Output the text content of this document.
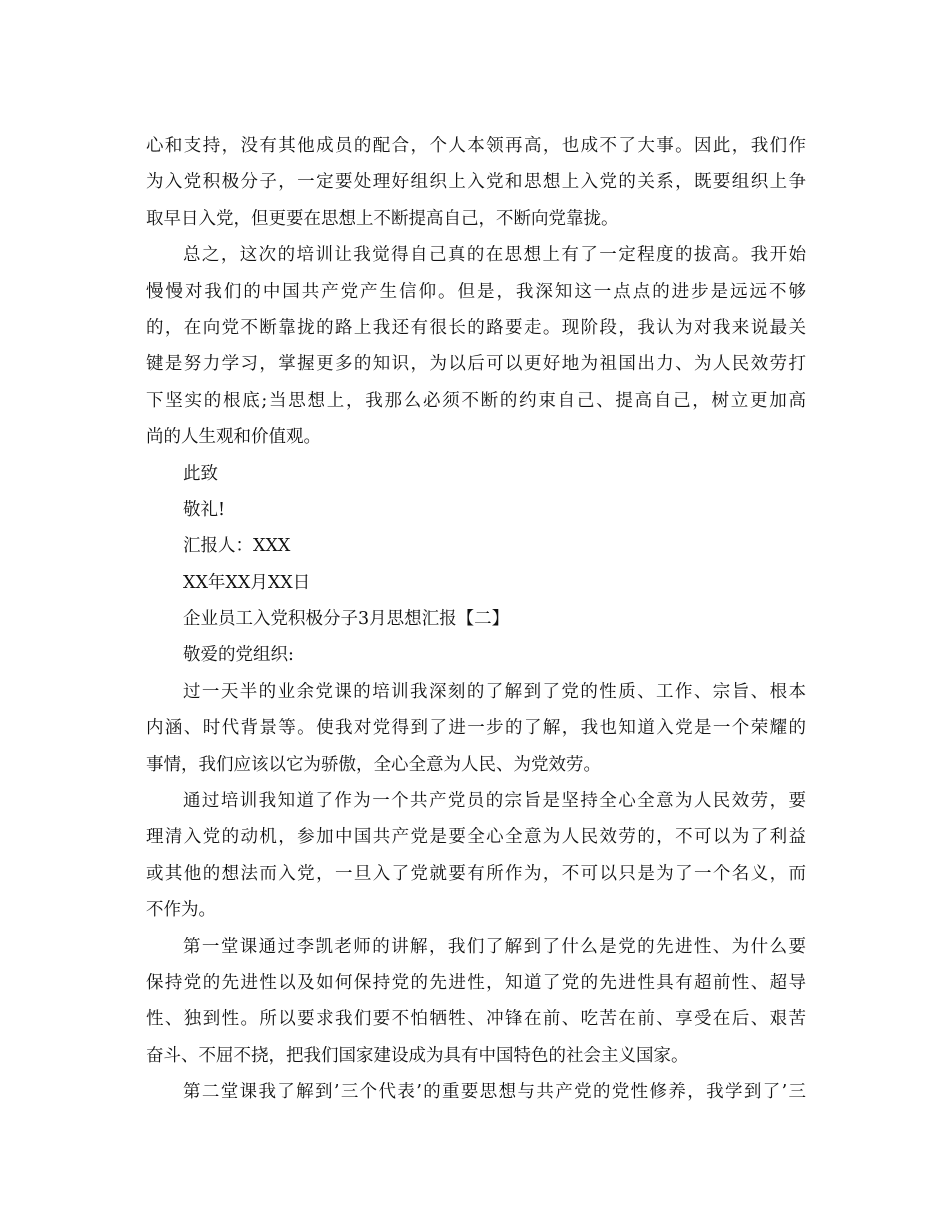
心和支持，没有其他成员的配合，个人本领再高，也成不了大事。因此，我们作
为入党积极分子，一定要处理好组织上入党和思想上入党的关系，既要组织上争
取早日入党，但更要在思想上不断提高自己，不断向党靠拢。
总之，这次的培训让我觉得自己真的在思想上有了一定程度的拔高。我开始
慢慢对我们的中国共产党产生信仰。但是，我深知这一点点的进步是远远不够
的，在向党不断靠拢的路上我还有很长的路要走。现阶段，我认为对我来说最关
键是努力学习，掌握更多的知识，为以后可以更好地为祖国出力、为人民效劳打
下坚实的根底;当思想上，我那么必须不断的约束自己、提高自己，树立更加高
尚的人生观和价值观。
此致
敬礼!
汇报人：XXX
XX年XX月XX日
企业员工入党积极分子3月思想汇报【二】
敬爱的党组织:
过一天半的业余党课的培训我深刻的了解到了党的性质、工作、宗旨、根本
内涵、时代背景等。使我对党得到了进一步的了解，我也知道入党是一个荣耀的
事情，我们应该以它为骄傲，全心全意为人民、为党效劳。
通过培训我知道了作为一个共产党员的宗旨是坚持全心全意为人民效劳，要
理清入党的动机，参加中国共产党是要全心全意为人民效劳的，不可以为了利益
或其他的想法而入党，一旦入了党就要有所作为，不可以只是为了一个名义，而
不作为。
第一堂课通过李凯老师的讲解，我们了解到了什么是党的先进性、为什么要
保持党的先进性以及如何保持党的先进性，知道了党的先进性具有超前性、超导
性、独到性。所以要求我们要不怕牺牲、冲锋在前、吃苦在前、享受在后、艰苦
奋斗、不屈不挠，把我们国家建设成为具有中国特色的社会主义国家。
第二堂课我了解到’三个代表’的重要思想与共产党的党性修养，我学到了’三
